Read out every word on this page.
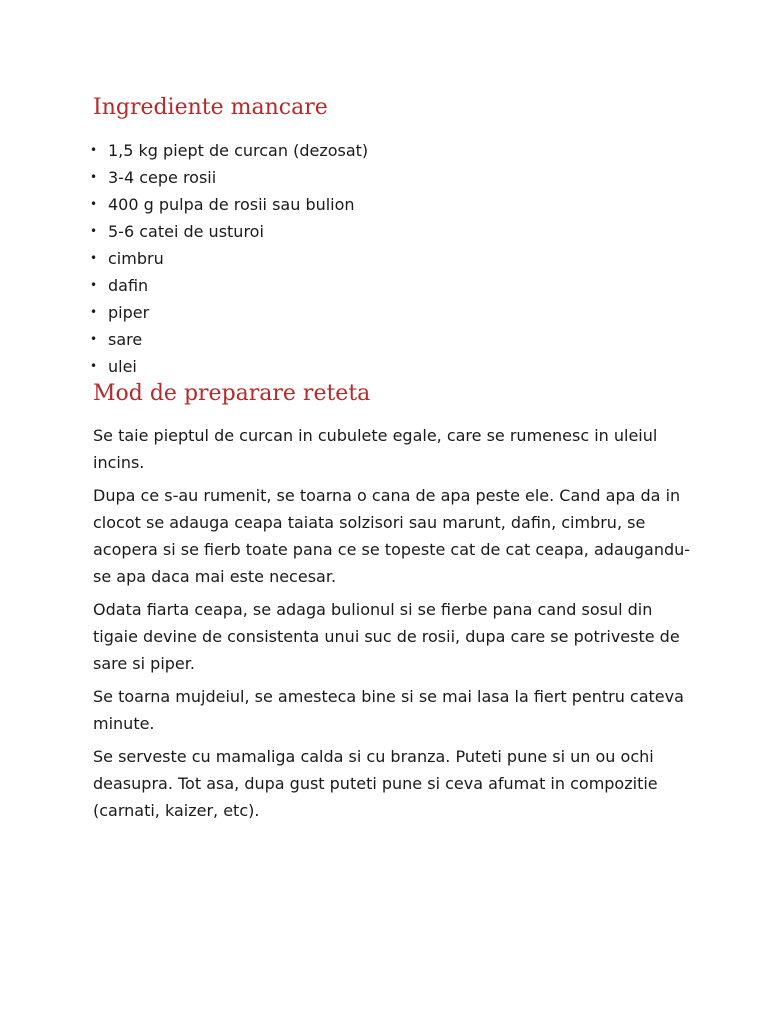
Ingrediente mancare
• 1,5 kg piept de curcan (dezosat)
• 3-4 cepe rosii
• 400 g pulpa de rosii sau bulion
• 5-6 catei de usturoi
• cimbru
• dafin
• piper
• sare
• ulei
Mod de preparare reteta

Se taie pieptul de curcan in cubulete egale, care se rumenesc in uleiul incins.

Dupa ce s-au rumenit, se toarna o cana de apa peste ele. Cand apa da in clocot se adauga ceapa taiata solzisori sau marunt, dafin, cimbru, se acopera si se fierb toate pana ce se topeste cat de cat ceapa, adaugandu-se apa daca mai este necesar.

Odata fiarta ceapa, se adaga bulionul si se fierbe pana cand sosul din tigaie devine de consistenta unui suc de rosii, dupa care se potriveste de sare si piper.

Se toarna mujdeiul, se amesteca bine si se mai lasa la fiert pentru cateva minute.

Se serveste cu mamaliga calda si cu branza. Puteti pune si un ou ochi deasupra. Tot asa, dupa gust puteti pune si ceva afumat in compozitie (carnati, kaizer, etc).
